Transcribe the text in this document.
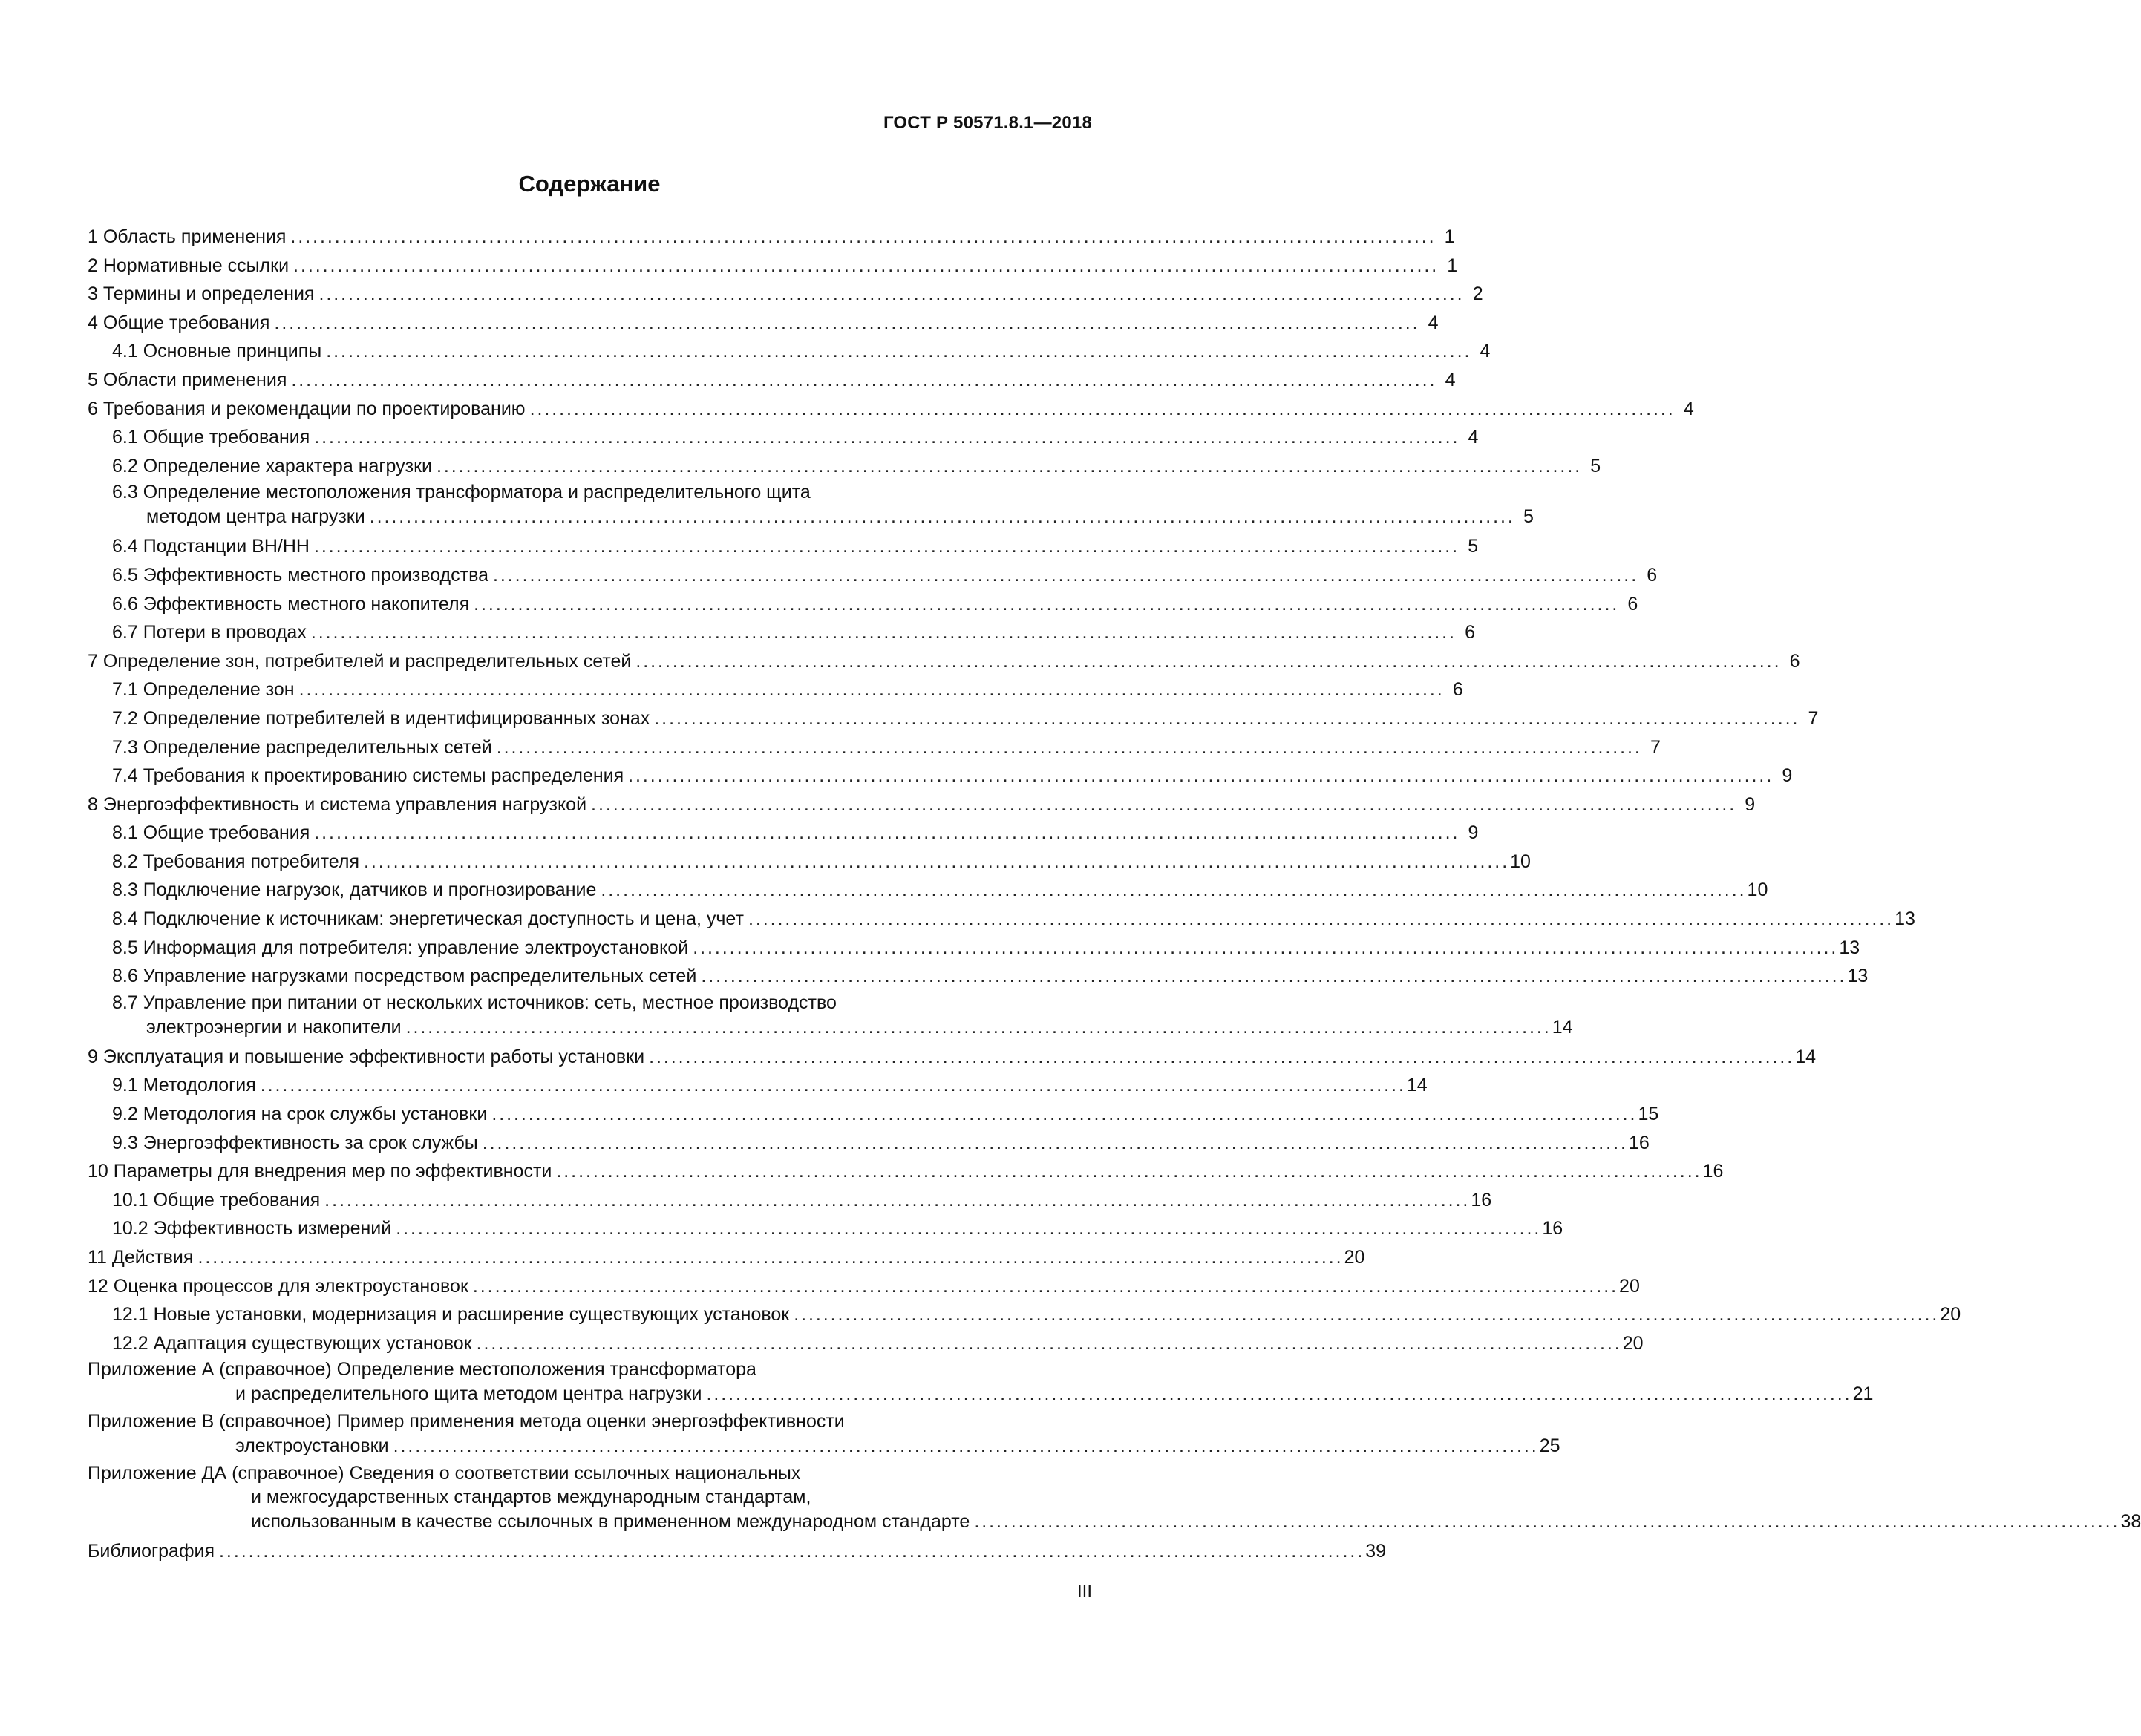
ГОСТ Р 50571.8.1—2018
Содержание
1 Область применения . . .	1
2 Нормативные ссылки . . .	1
3 Термины и определения . . .	2
4 Общие требования . . .	4
4.1 Основные принципы . . .	4
5 Области применения . . .	4
6 Требования и рекомендации по проектированию . . .	4
6.1 Общие требования . . .	4
6.2 Определение характера нагрузки . . .	5
6.3 Определение местоположения трансформатора и распределительного щита
методом центра нагрузки . . .	5
6.4 Подстанции ВН/НН . . .	5
6.5 Эффективность местного производства . . .	6
6.6 Эффективность местного накопителя . . .	6
6.7 Потери в проводах . . .	6
7 Определение зон, потребителей и распределительных сетей . . .	6
7.1 Определение зон . . .	6
7.2 Определение потребителей в идентифицированных зонах . . .	7
7.3 Определение распределительных сетей . . .	7
7.4 Требования к проектированию системы распределения . . .	9
8 Энергоэффективность и система управления нагрузкой . . .	9
8.1 Общие требования . . .	9
8.2 Требования потребителя . . .	10
8.3 Подключение нагрузок, датчиков и прогнозирование . . .	10
8.4 Подключение к источникам: энергетическая доступность и цена, учет . . .	13
8.5 Информация для потребителя: управление электроустановкой . . .	13
8.6 Управление нагрузками посредством распределительных сетей . . .	13
8.7 Управление при питании от нескольких источников: сеть, местное производство
электроэнергии и накопители . . .	14
9 Эксплуатация и повышение эффективности работы установки . . .	14
9.1 Методология . . .	14
9.2 Методология на срок службы установки . . .	15
9.3 Энергоэффективность за срок службы . . .	16
10 Параметры для внедрения мер по эффективности . . .	16
10.1 Общие требования . . .	16
10.2 Эффективность измерений . . .	16
11 Действия . . .	20
12 Оценка процессов для электроустановок . . .	20
12.1 Новые установки, модернизация и расширение существующих установок . . .	20
12.2 Адаптация существующих установок . . .	20
Приложение А (справочное) Определение местоположения трансформатора
и распределительного щита методом центра нагрузки . . .	21
Приложение В (справочное) Пример применения метода оценки энергоэффективности
электроустановки . . .	25
Приложение ДА (справочное) Сведения о соответствии ссылочных национальных
и межгосударственных стандартов международным стандартам,
использованным в качестве ссылочных в примененном международном стандарте . . .	38
Библиография . . .	39
III
